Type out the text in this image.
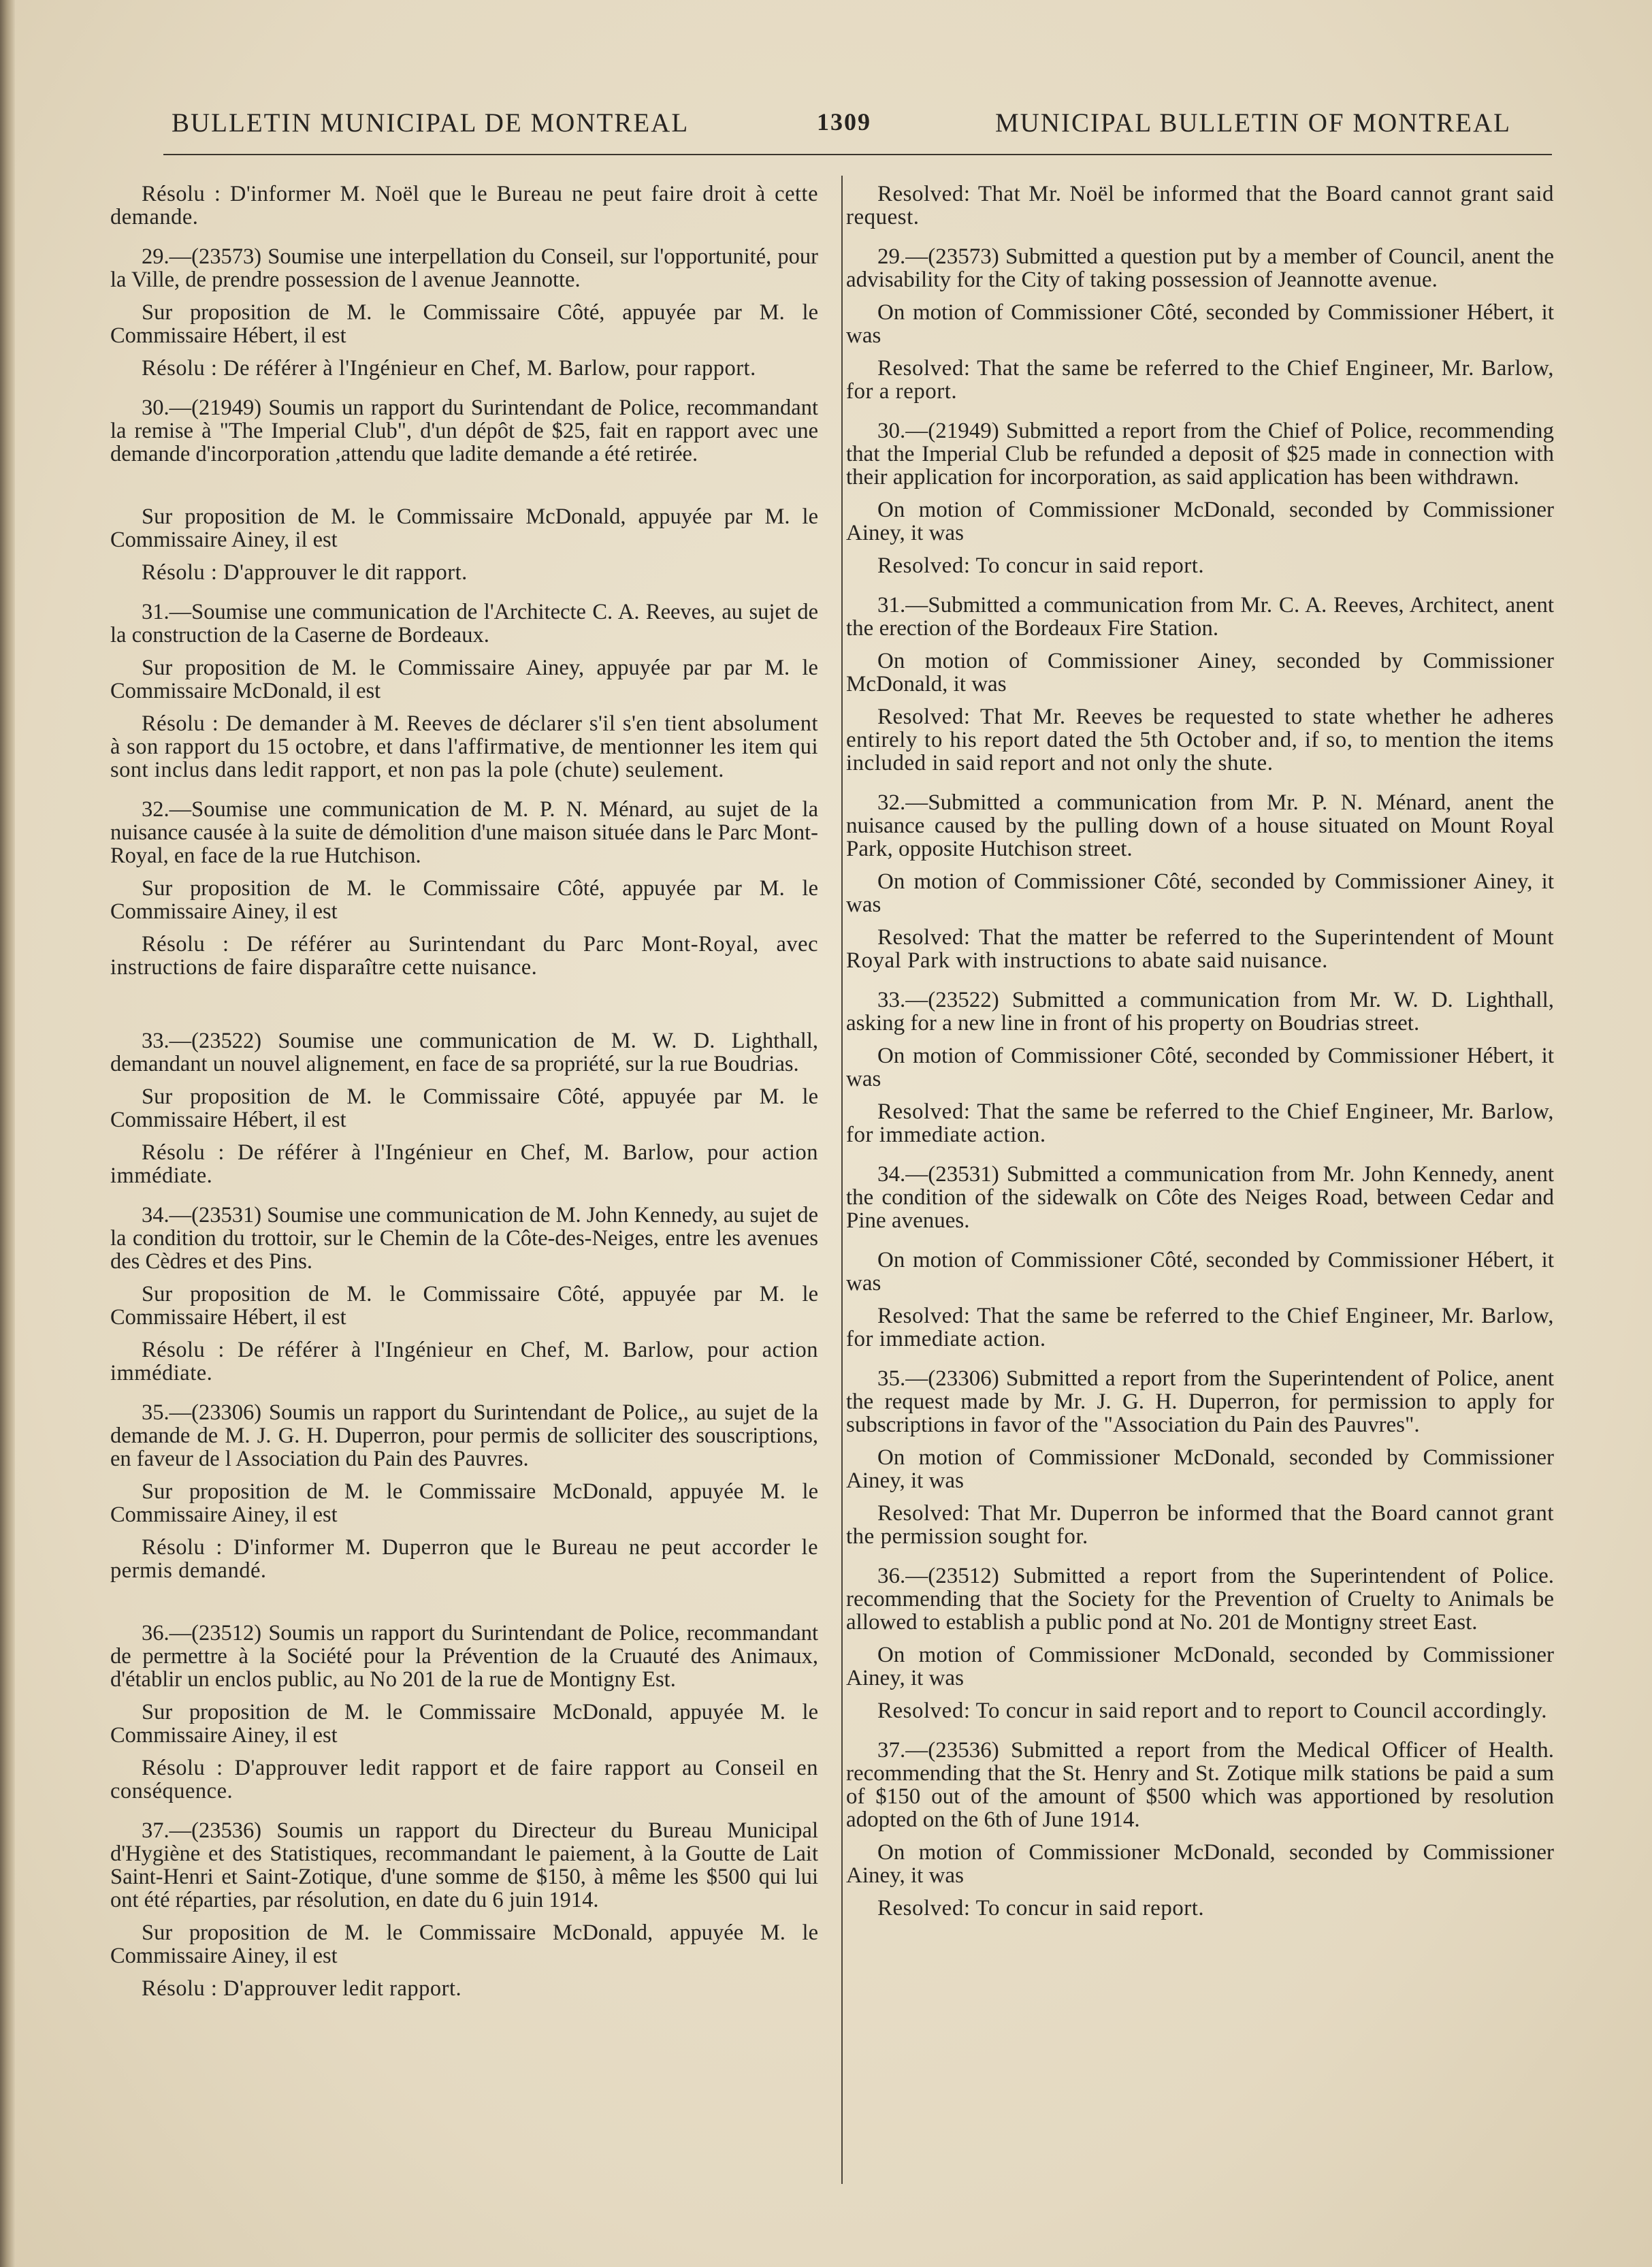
BULLETIN MUNICIPAL DE MONTREAL	1309	MUNICIPAL BULLETIN OF MONTREAL

Résolu : D'informer M. Noël que le Bureau ne peut faire droit à cette demande.

29.—(23573) Soumise une interpellation du Conseil, sur l'opportunité, pour la Ville, de prendre possession de l avenue Jeannotte.

Sur proposition de M. le Commissaire Côté, appuyée par M. le Commissaire Hébert, il est

Résolu : De référer à l'Ingénieur en Chef, M. Barlow, pour rapport.

30.—(21949) Soumis un rapport du Surintendant de Police, recommandant la remise à "The Imperial Club", d'un dépôt de $25, fait en rapport avec une demande d'incorporation ,attendu que ladite demande a été retirée.

Sur proposition de M. le Commissaire McDonald, appuyée par M. le Commissaire Ainey, il est

Résolu : D'approuver le dit rapport.

31.—Soumise une communication de l'Architecte C. A. Reeves, au sujet de la construction de la Caserne de Bordeaux.

Sur proposition de M. le Commissaire Ainey, appuyée par par M. le Commissaire McDonald, il est

Résolu : De demander à M. Reeves de déclarer s'il s'en tient absolument à son rapport du 15 octobre, et dans l'affirmative, de mentionner les item qui sont inclus dans ledit rapport, et non pas la pole (chute) seulement.

32.—Soumise une communication de M. P. N. Ménard, au sujet de la nuisance causée à la suite de démolition d'une maison située dans le Parc Mont-Royal, en face de la rue Hutchison.

Sur proposition de M. le Commissaire Côté, appuyée par M. le Commissaire Ainey, il est

Résolu : De référer au Surintendant du Parc Mont-Royal, avec instructions de faire disparaître cette nuisance.

33.—(23522) Soumise une communication de M. W. D. Lighthall, demandant un nouvel alignement, en face de sa propriété, sur la rue Boudrias.

Sur proposition de M. le Commissaire Côté, appuyée par M. le Commissaire Hébert, il est

Résolu : De référer à l'Ingénieur en Chef, M. Barlow, pour action immédiate.

34.—(23531) Soumise une communication de M. John Kennedy, au sujet de la condition du trottoir, sur le Chemin de la Côte-des-Neiges, entre les avenues des Cèdres et des Pins.

Sur proposition de M. le Commissaire Côté, appuyée par M. le Commissaire Hébert, il est

Résolu : De référer à l'Ingénieur en Chef, M. Barlow, pour action immédiate.

35.—(23306) Soumis un rapport du Surintendant de Police,, au sujet de la demande de M. J. G. H. Duperron, pour permis de solliciter des souscriptions, en faveur de l Association du Pain des Pauvres.

Sur proposition de M. le Commissaire McDonald, appuyée M. le Commissaire Ainey, il est

Résolu : D'informer M. Duperron que le Bureau ne peut accorder le permis demandé.

36.—(23512) Soumis un rapport du Surintendant de Police, recommandant de permettre à la Société pour la Prévention de la Cruauté des Animaux, d'établir un enclos public, au No 201 de la rue de Montigny Est.

Sur proposition de M. le Commissaire McDonald, appuyée M. le Commissaire Ainey, il est

Résolu : D'approuver ledit rapport et de faire rapport au Conseil en conséquence.

37.—(23536) Soumis un rapport du Directeur du Bureau Municipal d'Hygiène et des Statistiques, recommandant le paiement, à la Goutte de Lait Saint-Henri et Saint-Zotique, d'une somme de $150, à même les $500 qui lui ont été réparties, par résolution, en date du 6 juin 1914.

Sur proposition de M. le Commissaire McDonald, appuyée M. le Commissaire Ainey, il est

Résolu : D'approuver ledit rapport.

Resolved: That Mr. Noël be informed that the Board cannot grant said request.

29.—(23573) Submitted a question put by a member of Council, anent the advisability for the City of taking possession of Jeannotte avenue.

On motion of Commissioner Côté, seconded by Commissioner Hébert, it was

Resolved: That the same be referred to the Chief Engineer, Mr. Barlow, for a report.

30.—(21949) Submitted a report from the Chief of Police, recommending that the Imperial Club be refunded a deposit of $25 made in connection with their application for incorporation, as said application has been withdrawn.

On motion of Commissioner McDonald, seconded by Commissioner Ainey, it was

Resolved: To concur in said report.

31.—Submitted a communication from Mr. C. A. Reeves, Architect, anent the erection of the Bordeaux Fire Station.

On motion of Commissioner Ainey, seconded by Commissioner McDonald, it was

Resolved: That Mr. Reeves be requested to state whether he adheres entirely to his report dated the 5th October and, if so, to mention the items included in said report and not only the shute.

32.—Submitted a communication from Mr. P. N. Ménard, anent the nuisance caused by the pulling down of a house situated on Mount Royal Park, opposite Hutchison street.

On motion of Commissioner Côté, seconded by Commissioner Ainey, it was

Resolved: That the matter be referred to the Superintendent of Mount Royal Park with instructions to abate said nuisance.

33.—(23522) Submitted a communication from Mr. W. D. Lighthall, asking for a new line in front of his property on Boudrias street.

On motion of Commissioner Côté, seconded by Commissioner Hébert, it was

Resolved: That the same be referred to the Chief Engineer, Mr. Barlow, for immediate action.

34.—(23531) Submitted a communication from Mr. John Kennedy, anent the condition of the sidewalk on Côte des Neiges Road, between Cedar and Pine avenues.

On motion of Commissioner Côté, seconded by Commissioner Hébert, it was

Resolved: That the same be referred to the Chief Engineer, Mr. Barlow, for immediate action.

35.—(23306) Submitted a report from the Superintendent of Police, anent the request made by Mr. J. G. H. Duperron, for permission to apply for subscriptions in favor of the "Association du Pain des Pauvres".

On motion of Commissioner McDonald, seconded by Commissioner Ainey, it was

Resolved: That Mr. Duperron be informed that the Board cannot grant the permission sought for.

36.—(23512) Submitted a report from the Superintendent of Police. recommending that the Society for the Prevention of Cruelty to Animals be allowed to establish a public pond at No. 201 de Montigny street East.

On motion of Commissioner McDonald, seconded by Commissioner Ainey, it was

Resolved: To concur in said report and to report to Council accordingly.

37.—(23536) Submitted a report from the Medical Officer of Health. recommending that the St. Henry and St. Zotique milk stations be paid a sum of $150 out of the amount of $500 which was apportioned by resolution adopted on the 6th of June 1914.

On motion of Commissioner McDonald, seconded by Commissioner Ainey, it was

Resolved: To concur in said report.
